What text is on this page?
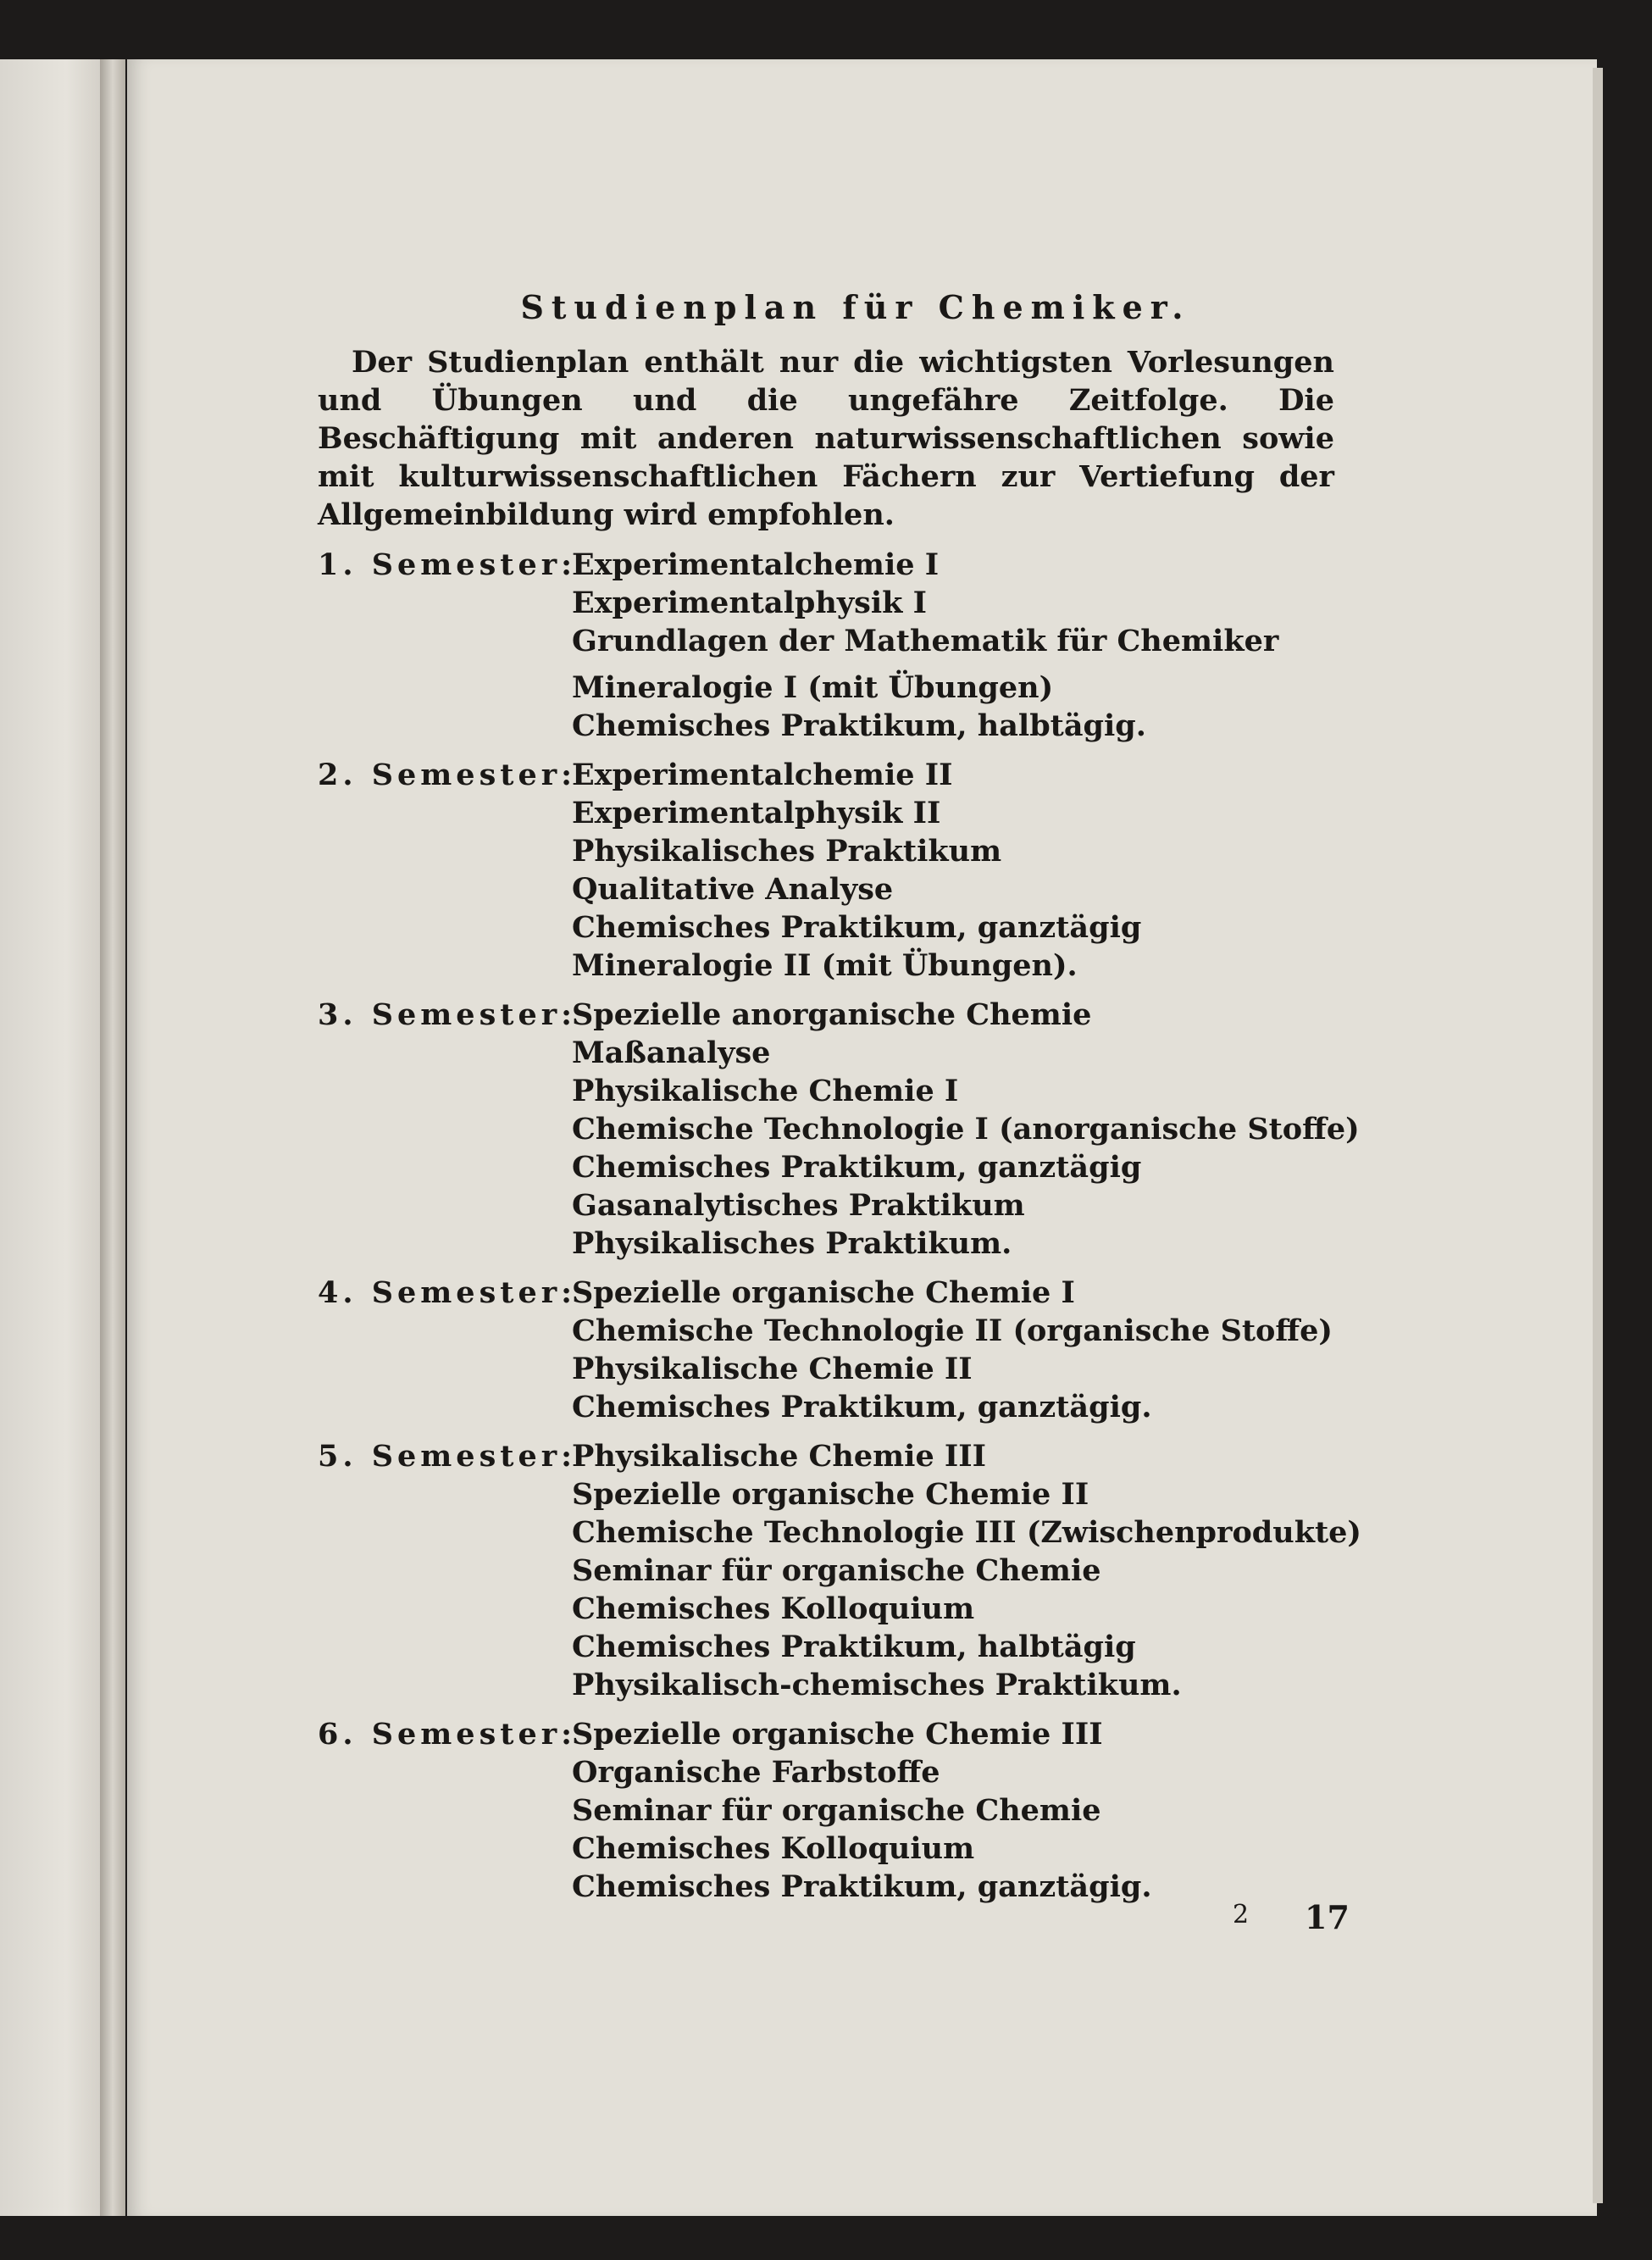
Studienplan für Chemiker.

Der Studienplan enthält nur die wichtigsten Vorlesungen und Übungen und die ungefähre Zeitfolge. Die Beschäftigung mit anderen naturwissenschaftlichen sowie mit kulturwissenschaftlichen Fächern zur Vertiefung der Allgemeinbildung wird empfohlen.

1. Semester:
Experimentalchemie I
Experimentalphysik I
Grundlagen der Mathematik für Chemiker
Mineralogie I (mit Übungen)
Chemisches Praktikum, halbtägig.
2. Semester:
Experimentalchemie II
Experimentalphysik II
Physikalisches Praktikum
Qualitative Analyse
Chemisches Praktikum, ganztägig
Mineralogie II (mit Übungen).
3. Semester:
Spezielle anorganische Chemie
Maßanalyse
Physikalische Chemie I
Chemische Technologie I (anorganische Stoffe)
Chemisches Praktikum, ganztägig
Gasanalytisches Praktikum
Physikalisches Praktikum.
4. Semester:
Spezielle organische Chemie I
Chemische Technologie II (organische Stoffe)
Physikalische Chemie II
Chemisches Praktikum, ganztägig.
5. Semester:
Physikalische Chemie III
Spezielle organische Chemie II
Chemische Technologie III (Zwischenprodukte)
Seminar für organische Chemie
Chemisches Kolloquium
Chemisches Praktikum, halbtägig
Physikalisch-chemisches Praktikum.
6. Semester:
Spezielle organische Chemie III
Organische Farbstoffe
Seminar für organische Chemie
Chemisches Kolloquium
Chemisches Praktikum, ganztägig.
2 17
